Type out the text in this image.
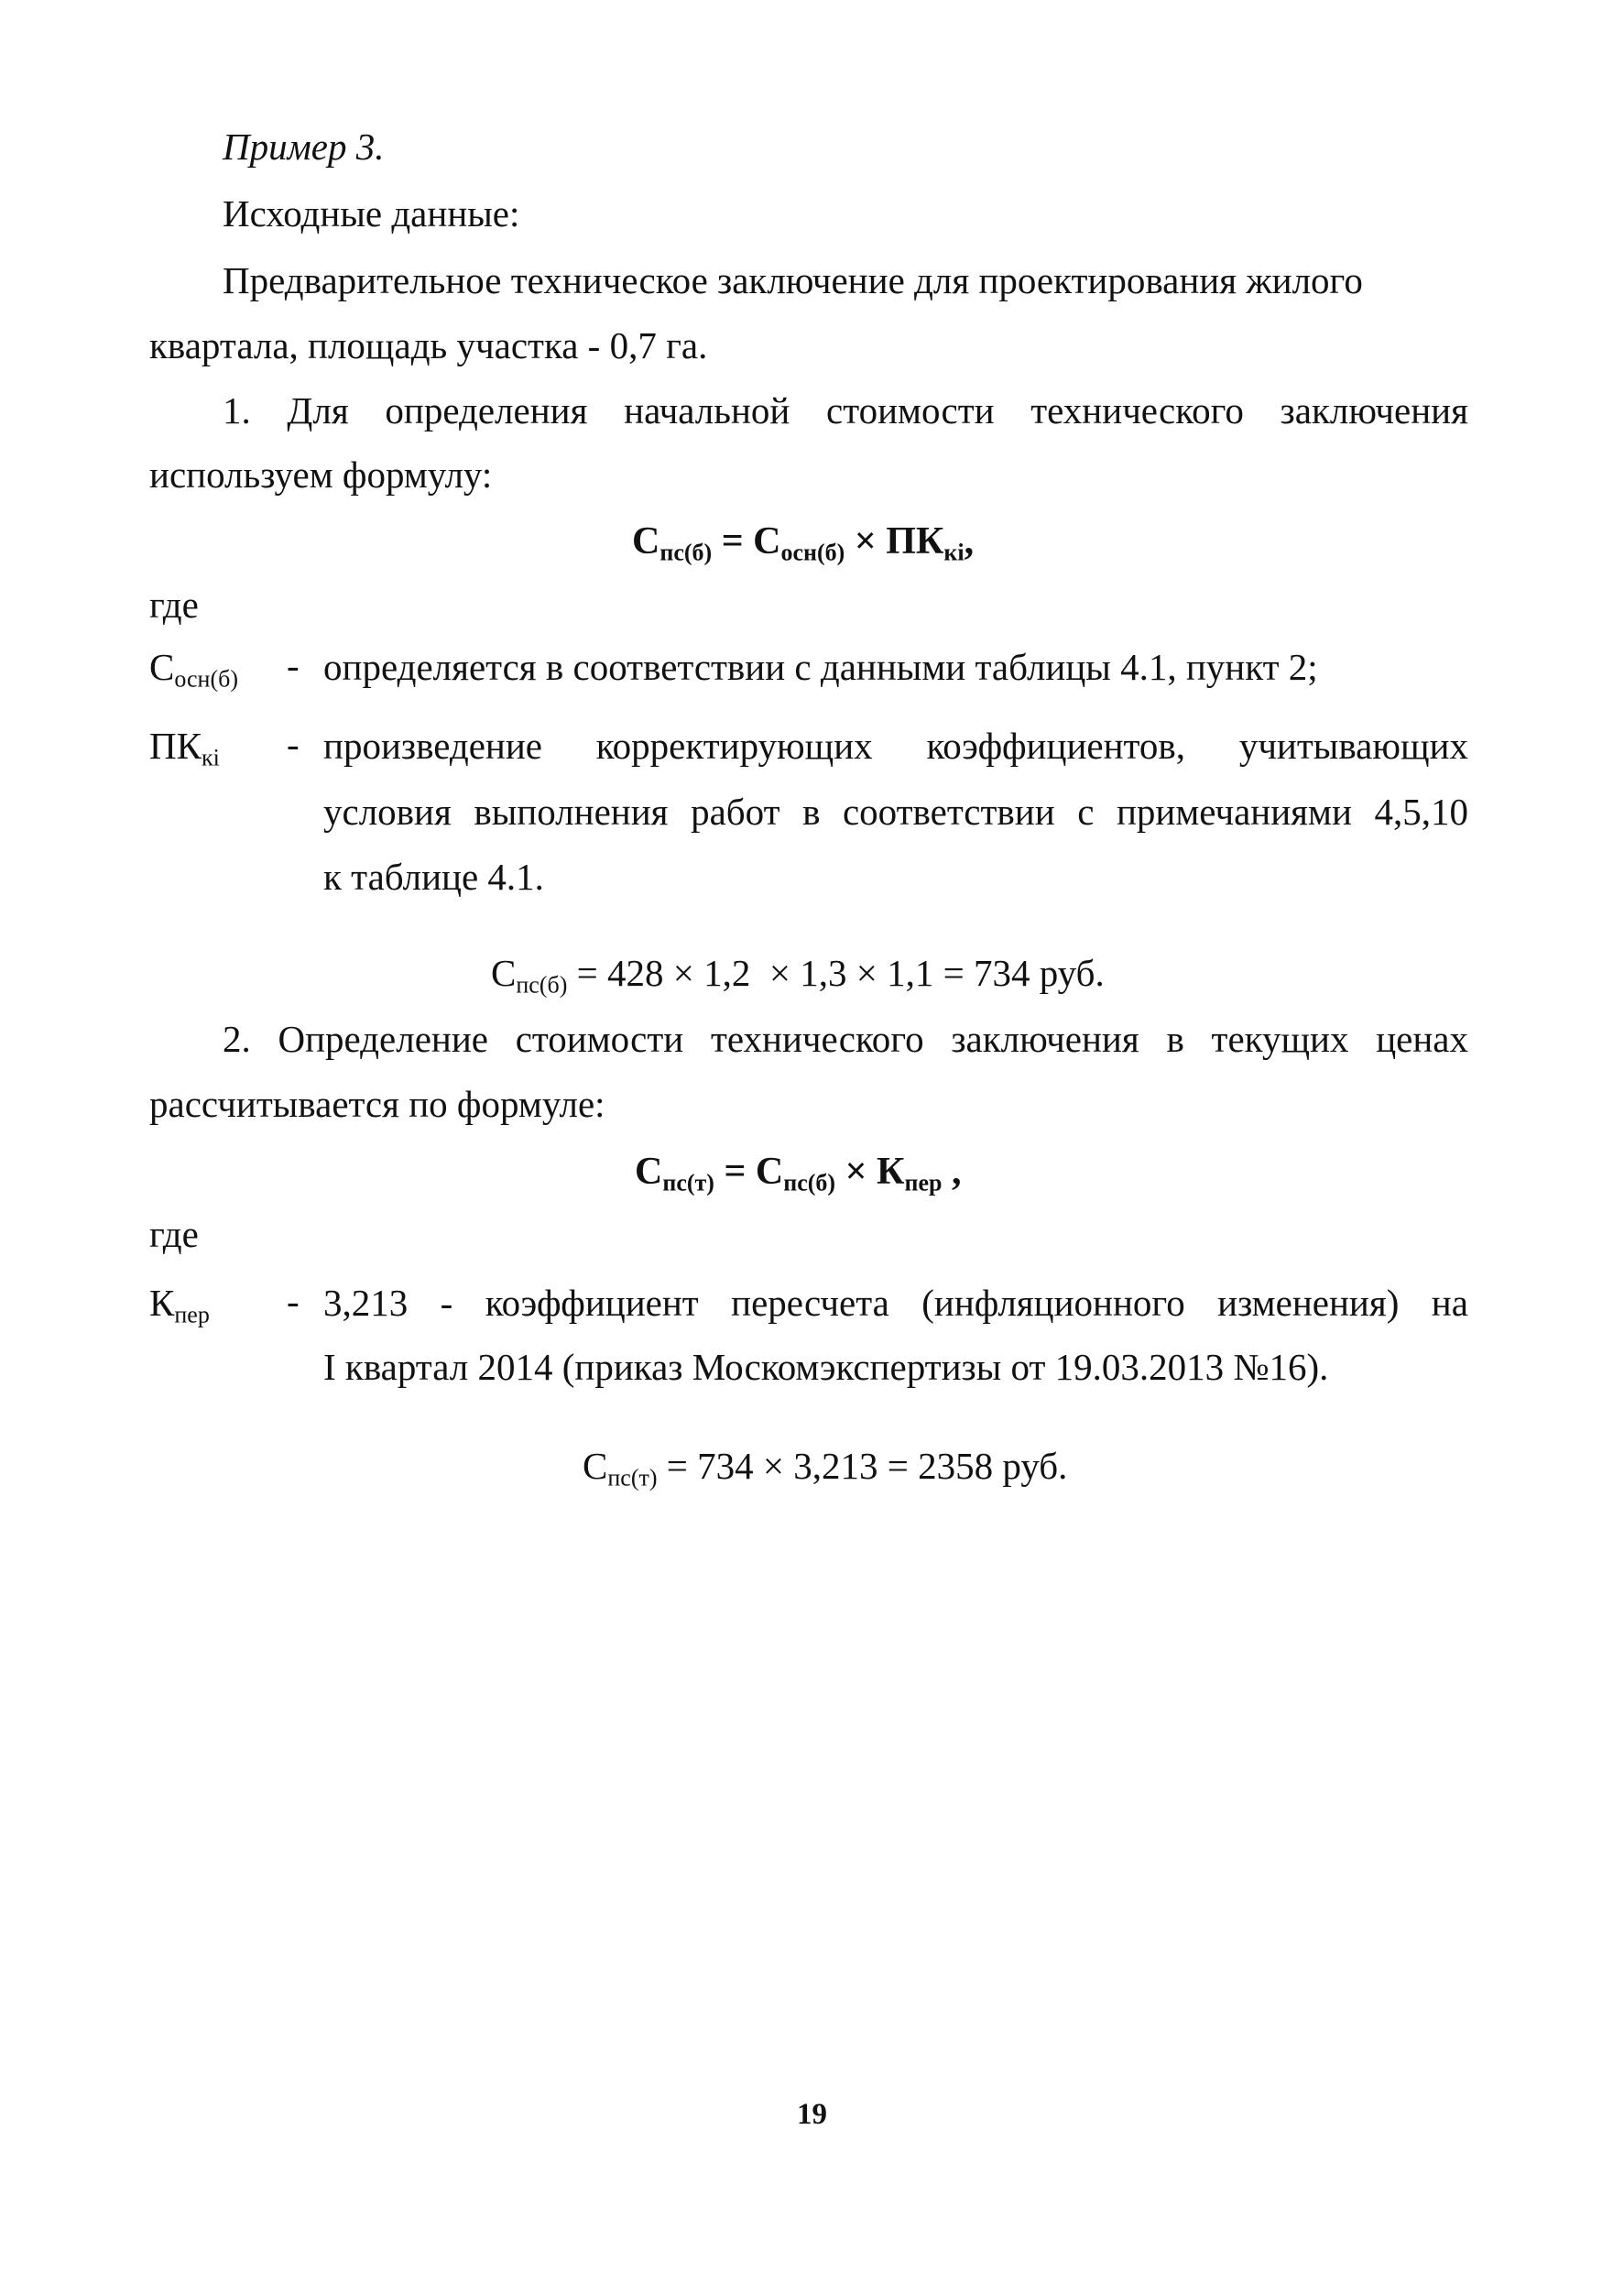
Пример 3.
Исходные данные:
Предварительное техническое заключение для проектирования жилого
квартала, площадь участка - 0,7 га.
1. Для определения начальной стоимости технического заключения
используем формулу:
$С_{пс(б)} = С_{осн(б)} \times ПК_{кі}$,
где
$С_{осн(б)}$ - определяется в соответствии с данными таблицы 4.1, пункт 2;
$ПК_{кі}$ - произведение корректирующих коэффициентов, учитывающих
условия выполнения работ в соответствии с примечаниями 4,5,10
к таблице 4.1.
$С_{пс(б)} = 428 \times 1,2 \times 1,3 \times 1,1 = 734$ руб.
2. Определение стоимости технического заключения в текущих ценах
рассчитывается по формуле:
$С_{пс(т)} = С_{пс(б)} \times К_{пер}$ ,
где
$К_{пер} - 3,213$ - коэффициент пересчета (инфляционного изменения) на
I квартал 2014 (приказ Москомэкспертизы от 19.03.2013 №16).
$С_{пс(т)} = 734 \times 3,213 = 2358$ руб.
19
